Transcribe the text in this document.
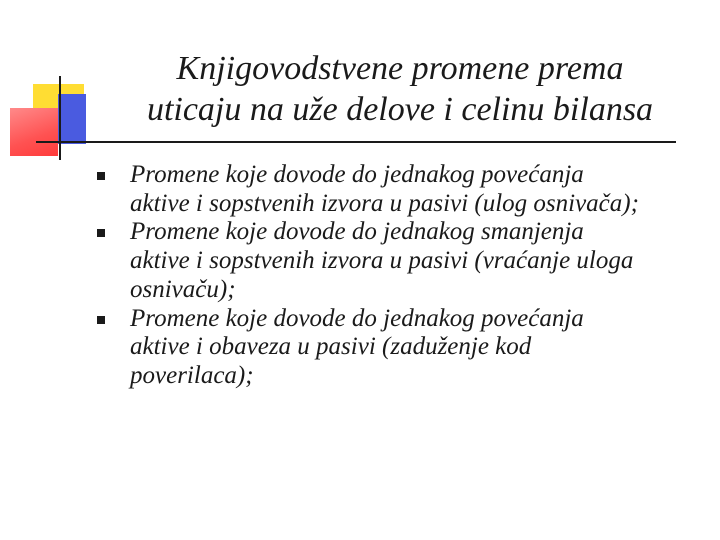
Knjigovodstvene promene prema
uticaju na uže delove i celinu bilansa
Promene koje dovode do jednakog povećanja
aktive i sopstvenih izvora u pasivi (ulog osnivača);
Promene koje dovode do jednakog smanjenja
aktive i sopstvenih izvora u pasivi (vraćanje uloga
osnivaču);
Promene koje dovode do jednakog povećanja
aktive i obaveza u pasivi (zaduženje kod
poverilaca);
